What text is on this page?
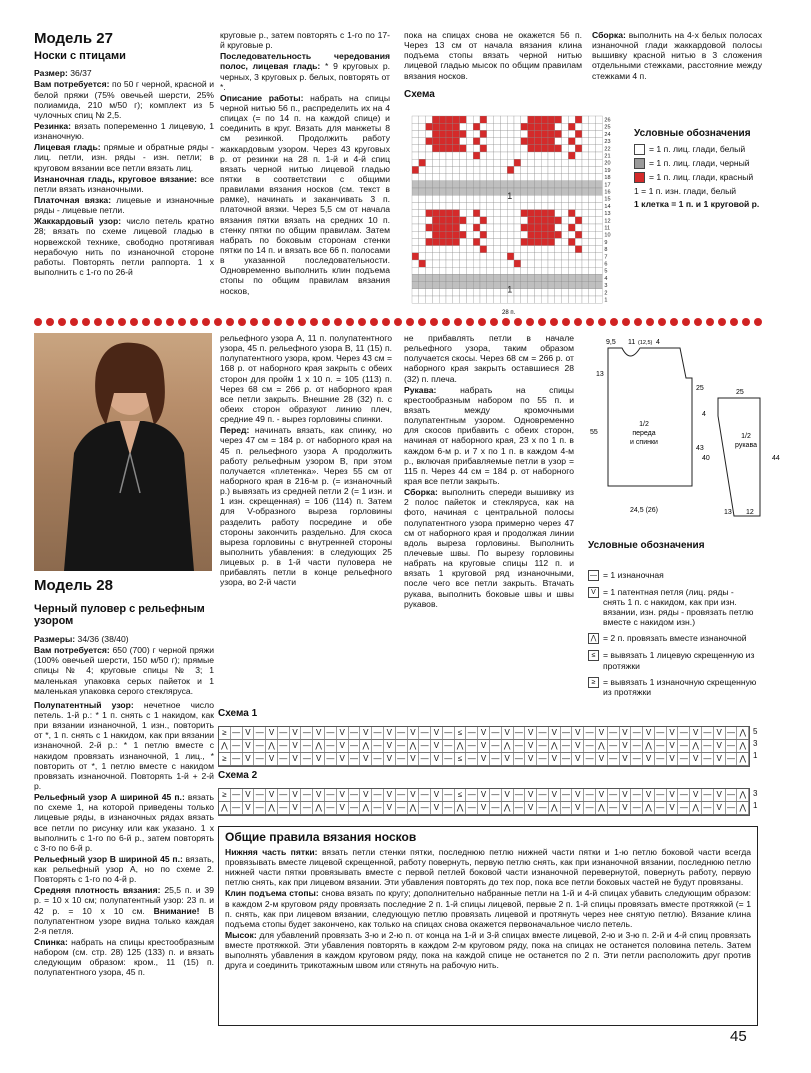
Модель 27
Носки с птицами

Размер: 36/37

Вам потребуется: по 50 г черной, красной и белой пряжи (75% овечьей шерсти, 25% полиамида, 210 м/50 г); комплект из 5 чулочных спиц № 2,5.

Резинка: вязать попеременно 1 лицевую, 1 изнаночную.

Лицевая гладь: прямые и обратные ряды - лиц. петли, изн. ряды - изн. петли; в круговом вязании все петли вязать лиц.

Изнаночная гладь, круговое вязание: все петли вязать изнаночными.

Платочная вязка: лицевые и изнаночные ряды - лицевые петли.

Жаккардовый узор: число петель кратно 28; вязать по схеме лицевой гладью в норвежской технике, свободно протягивая нерабочую нить по изнаночной стороне работы. Повторять петли раппорта. 1 х выполнить с 1-го по 26-й

круговые р., затем повторять с 1-го по 17-й круговые р.

Последовательность чередования полос, лицевая гладь: * 9 круговых р. черных, 3 круговых р. белых, повторять от *.

Описание работы: набрать на спицы черной нитью 56 п., распределить их на 4 спицах (= по 14 п. на каждой спице) и соединить в круг. Вязать для манжеты 8 см резинкой. Продолжить работу жаккардовым узором. Через 43 круговых р. от резинки на 28 п. 1-й и 4-й спиц вязать черной нитью лицевой гладью пятки в соответствии с общими правилами вязания носков (см. текст в рамке), начинать и заканчивать 3 п. платочной вязки. Через 5,5 см от начала вязания пятки вязать на средних 10 п. стенку пятки по общим правилам. Затем набрать по боковым сторонам стенки пятки по 14 п. и вязать все 66 п. полосами в указанной последовательности. Одновременно выполнить клин подъема стопы по общим правилам вязания носков,

пока на спицах снова не окажется 56 п. Через 13 см от начала вязания клина подъема стопы вязать черной нитью лицевой гладью мысок по общим правилам вязания носков.

Схема

Сборка: выполнить на 4-х белых полосах изнаночной глади жаккардовой полосы вышивку красной нитью в 3 сложения отдельными стежками, расстояние между стежками 4 п.

26
25
24
23
22
21
20
19
18
17
16
15
14
13
12
11
10
9
8
7
6
5
4
3
2
1
1
1
28 п.
Условные обозначения
= 1 п. лиц. глади, белый
= 1 п. лиц. глади, черный
= 1 п. лиц. глади, красный
1 = 1 п. изн. глади, белый
1 клетка = 1 п. и 1 круговой р.
Модель 28
Черный пуловер с рельефным узором

Размеры: 34/36 (38/40)

Вам потребуется: 650 (700) г черной пряжи (100% овечьей шерсти, 150 м/50 г); прямые спицы № 4; круговые спицы № 3; 1 маленькая упаковка серых пайеток и 1 маленькая упаковка серого стекляруса.

Полупатентный узор: нечетное число петель. 1-й р.: * 1 п. снять с 1 накидом, как при вязании изнаночной, 1 изн., повторить от *, 1 п. снять с 1 накидом, как при вязании изнаночной. 2-й р.: * 1 петлю вместе с накидом провязать изнаночной, 1 лиц., * повторить от *, 1 петлю вместе с накидом провязать изнаночной. Повторять 1-й + 2-й р.

Рельефный узор А шириной 45 п.: вязать по схеме 1, на которой приведены только лицевые ряды, в изнаночных рядах вязать все петли по рисунку или как указано. 1 х выполнить с 1-го по 6-й р., затем повторять с 3-го по 6-й р.

Рельефный узор В шириной 45 п.: вязать, как рельефный узор А, но по схеме 2. Повторять с 1-го по 4-й р.

Средняя плотность вязания: 25,5 п. и 39 р. = 10 х 10 см; полупатентный узор: 23 п. и 42 р. = 10 х 10 см. Внимание! В полупатентном узоре видна только каждая 2-я петля.

Спинка: набрать на спицы крестообразным набором (см. стр. 28) 125 (133) п. и вязать следующим образом: кром., 11 (15) п. полупатентного узора, 45 п.

рельефного узора А, 11 п. полупатентного узора, 45 п. рельефного узора В, 11 (15) п. полупатентного узора, кром. Через 43 см = 168 р. от наборного края закрыть с обеих сторон для пройм 1 х 10 п. = 105 (113) п. Через 68 см = 266 р. от наборного края все петли закрыть. Внешние 28 (32) п. с обеих сторон образуют линию плеч, средние 49 п. - вырез горловины спинки.

Перед: начинать вязать, как спинку, но через 47 см = 184 р. от наборного края на 45 п. рельефного узора А продолжить работу рельефным узором В, при этом получается «плетенка». Через 55 см от наборного края в 216-м р. (= изнаночный р.) вывязать из средней петли 2 (= 1 изн. и 1 изн. скрещенная) = 106 (114) п. Затем для V-образного выреза горловины разделить работу посредине и обе стороны закончить раздельно. Для скоса выреза горловины с внутренней стороны выполнить убавления: в следующих 25 лицевых р. в 1-й части пуловера не прибавлять петли в конце рельефного узора, во 2-й части

не прибавлять петли в начале рельефного узора, таким образом получается скосы. Через 68 см = 266 р. от наборного края закрыть оставшиеся 28 (32) п. плеча.

Рукава: набрать на спицы крестообразным набором по 55 п. и вязать между кромочными полупатентным узором. Одновременно для скосов прибавить с обеих сторон, начиная от наборного края, 23 х по 1 п. в каждом 6-м р. и 7 х по 1 п. в каждом 4-м р., включая прибавляемые петли в узор = 115 п. Через 44 см = 184 р. от наборного края все петли закрыть.

Сборка: выполнить спереди вышивку из 2 полос пайеток и стекляруса, как на фото, начиная с центральной полосы полупатентного узора примерно через 47 см от наборного края и продолжая линии вдоль выреза горловины. Выполнить плечевые швы. По вырезу горловины набрать на круговые спицы 112 п. и вязать 1 круговой ряд изнаночными, после чего все петли закрыть. Втачать рукава, выполнить боковые швы и швы рукавов.

9,5 11 (12,5) 4
13
25
55
43
1/2 переда и спинки
24,5 (26)
25
4
40	44
1/2 рукава
13 12
Условные обозначения
— = 1 изнаночная
V = 1 патентная петля (лиц. ряды - снять 1 п. с накидом, как при изн. вязании, изн. ряды - провязать петлю вместе с накидом изн.)
⋀ = 2 п. провязать вместе изнаночной
≤ = вывязать 1 лицевую скрещенную из протяжки
≥ = вывязать 1 изнаночную скрещенную из протяжки
Схема 1
≥ — V — V — V — V — V — V — V — V — V — ≤ — V — V — V — V — V — V — V — V — V — V — V — ⋀
⋀ — V — ⋀ — V — ⋀ — V — ⋀ — V — ⋀ — V — ⋀ — V — ⋀ — V — ⋀ — V — ⋀ — V — ⋀ — V — ⋀ — V — ⋀
≥ — V — V — V — V — V — V — V — V — V — ≤ — V — V — V — V — V — V — V — V — V — V — V — ⋀
5
3
1
Схема 2
≥ — V — V — V — V — V — V — V — V — V — ≤ — V — V — V — V — V — V — V — V — V — V — V — ⋀
⋀ — V — ⋀ — V — ⋀ — V — ⋀ — V — ⋀ — V — ⋀ — V — ⋀ — V — ⋀ — V — ⋀ — V — ⋀ — V — ⋀ — V — ⋀
3
1
Общие правила вязания носков

Нижняя часть пятки: вязать петли стенки пятки, последнюю петлю нижней части пятки и 1-ю петлю боковой части всегда провязывать вместе лицевой скрещенной, работу повернуть, первую петлю снять, как при изнаночной вязании, последнюю петлю нижней части пятки провязывать вместе с первой петлей боковой части изнаночной перевернутой, повернуть работу, первую петлю снять, как при лицевом вязании. Эти убавления повторять до тех пор, пока все петли боковых частей не будут провязаны.

Клин подъема стопы: снова вязать по кругу; дополнительно набранные петли на 1-й и 4-й спицах убавить следующим образом: в каждом 2-м круговом ряду провязать последние 2 п. 1-й спицы лицевой, первые 2 п. 1-й спицы провязать вместе протяжкой (= 1 п. снять, как при лицевом вязании, следующую петлю провязать лицевой и протянуть через нее снятую петлю). Вязание клина подъема стопы будет закончено, как только на спицах снова окажется первоначальное число петель.

Мысок: для убавлений провязать 3-ю и 2-ю п. от конца на 1-й и 3-й спицах вместе лицевой, 2-ю и 3-ю п. 2-й и 4-й спиц провязать вместе протяжкой. Эти убавления повторять в каждом 2-м круговом ряду, пока на спицах не останется половина петель. Затем выполнять убавления в каждом круговом ряду, пока на каждой спице не останется по 2 п. Эти петли расположить друг против друга и соединить трикотажным швом или стянуть на рабочую нить.

45
